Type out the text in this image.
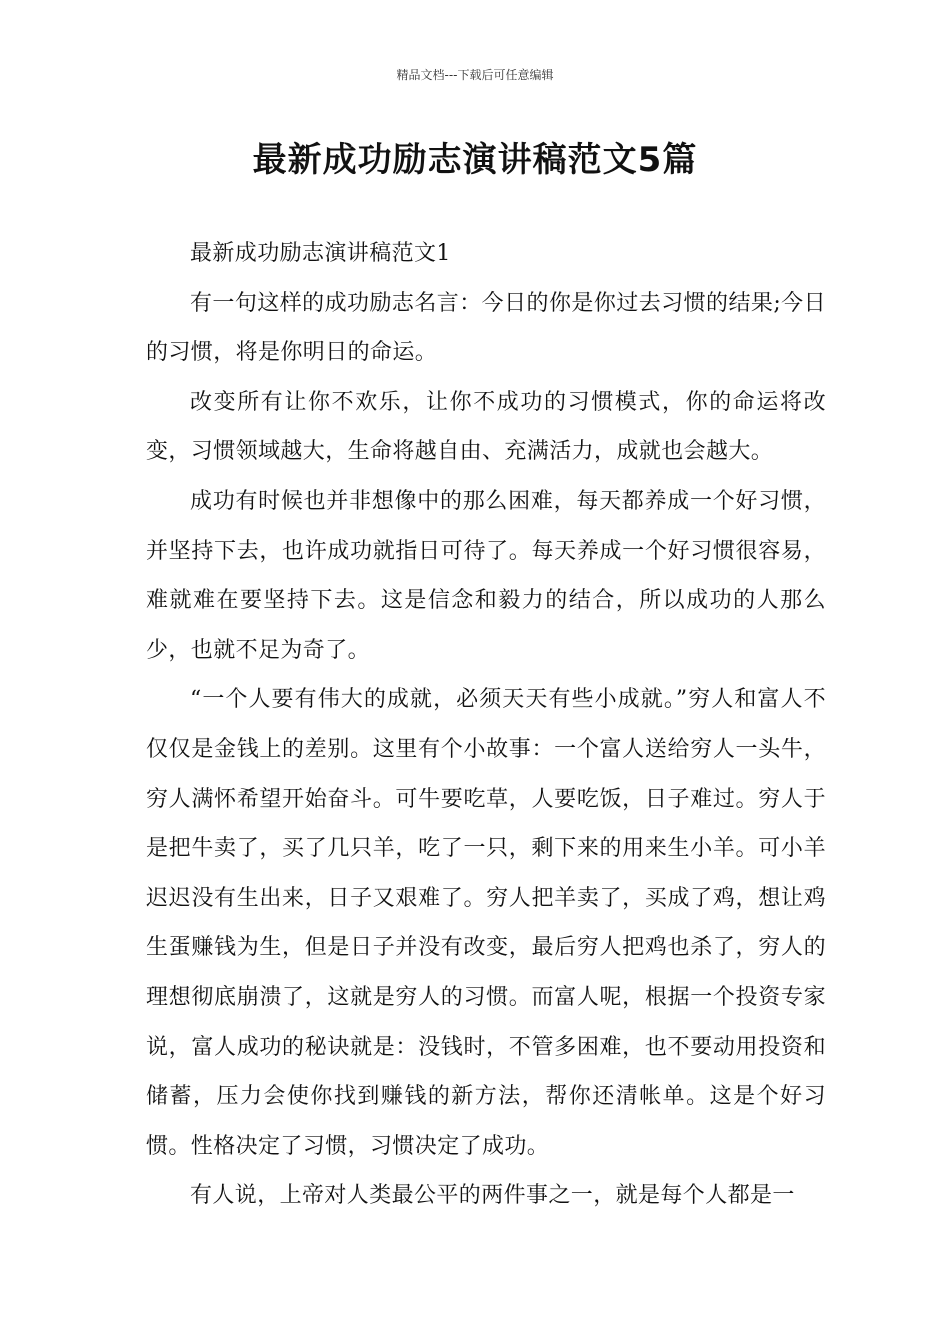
精品文档---下载后可任意编辑
最新成功励志演讲稿范文5篇

最新成功励志演讲稿范文1

有一句这样的成功励志名言：今日的你是你过去习惯的结果;今日的习惯，将是你明日的命运。

改变所有让你不欢乐，让你不成功的习惯模式，你的命运将改变，习惯领域越大，生命将越自由、充满活力，成就也会越大。

成功有时候也并非想像中的那么困难，每天都养成一个好习惯，并坚持下去，也许成功就指日可待了。每天养成一个好习惯很容易，难就难在要坚持下去。这是信念和毅力的结合，所以成功的人那么少，也就不足为奇了。

“一个人要有伟大的成就，必须天天有些小成就。”穷人和富人不仅仅是金钱上的差别。这里有个小故事：一个富人送给穷人一头牛，穷人满怀希望开始奋斗。可牛要吃草，人要吃饭，日子难过。穷人于是把牛卖了，买了几只羊，吃了一只，剩下来的用来生小羊。可小羊迟迟没有生出来，日子又艰难了。穷人把羊卖了，买成了鸡，想让鸡生蛋赚钱为生，但是日子并没有改变，最后穷人把鸡也杀了，穷人的理想彻底崩溃了，这就是穷人的习惯。而富人呢，根据一个投资专家说，富人成功的秘诀就是：没钱时，不管多困难，也不要动用投资和储蓄，压力会使你找到赚钱的新方法，帮你还清帐单。这是个好习惯。性格决定了习惯，习惯决定了成功。

有人说，上帝对人类最公平的两件事之一，就是每个人都是一
